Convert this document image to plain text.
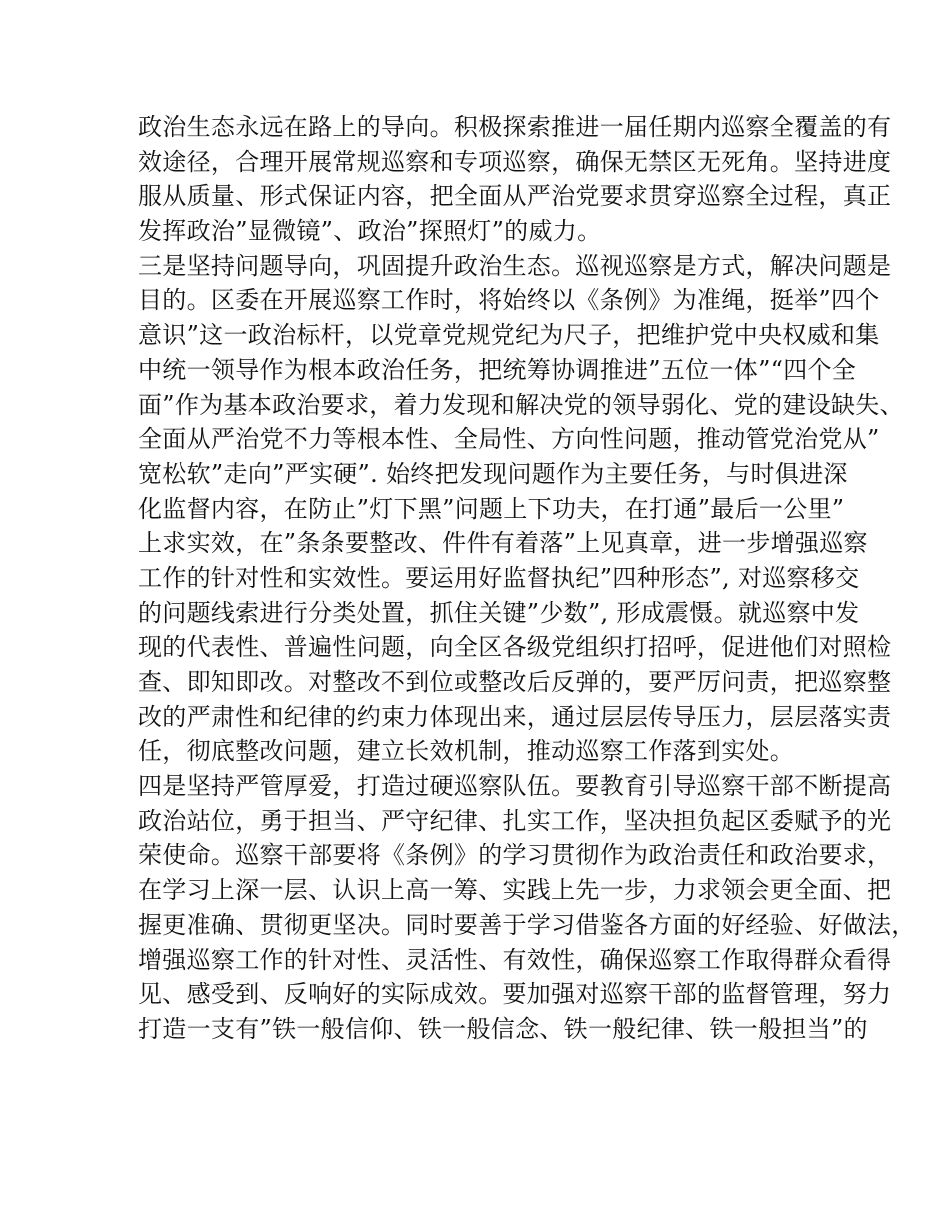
政治生态永远在路上的导向。积极探索推进一届任期内巡察全覆盖的有
效途径，合理开展常规巡察和专项巡察，确保无禁区无死角。坚持进度
服从质量、形式保证内容，把全面从严治党要求贯穿巡察全过程，真正
发挥政治”显微镜”、政治”探照灯”的威力。
三是坚持问题导向，巩固提升政治生态。巡视巡察是方式，解决问题是
目的。区委在开展巡察工作时，将始终以《条例》为准绳，挺举”四个
意识”这一政治标杆，以党章党规党纪为尺子，把维护党中央权威和集
中统一领导作为根本政治任务，把统筹协调推进”五位一体”“四个全
面”作为基本政治要求，着力发现和解决党的领导弱化、党的建设缺失、
全面从严治党不力等根本性、全局性、方向性问题，推动管党治党从”
宽松软”走向”严实硬”. 始终把发现问题作为主要任务，与时俱进深
化监督内容，在防止”灯下黑”问题上下功夫，在打通”最后一公里”
上求实效，在”条条要整改、件件有着落”上见真章，进一步增强巡察
工作的针对性和实效性。要运用好监督执纪”四种形态”, 对巡察移交
的问题线索进行分类处置，抓住关键”少数”, 形成震慑。就巡察中发
现的代表性、普遍性问题，向全区各级党组织打招呼，促进他们对照检
查、即知即改。对整改不到位或整改后反弹的，要严厉问责，把巡察整
改的严肃性和纪律的约束力体现出来，通过层层传导压力，层层落实责
任，彻底整改问题，建立长效机制，推动巡察工作落到实处。
四是坚持严管厚爱，打造过硬巡察队伍。要教育引导巡察干部不断提高
政治站位，勇于担当、严守纪律、扎实工作，坚决担负起区委赋予的光
荣使命。巡察干部要将《条例》的学习贯彻作为政治责任和政治要求，
在学习上深一层、认识上高一筹、实践上先一步，力求领会更全面、把
握更准确、贯彻更坚决。同时要善于学习借鉴各方面的好经验、好做法，
增强巡察工作的针对性、灵活性、有效性，确保巡察工作取得群众看得
见、感受到、反响好的实际成效。要加强对巡察干部的监督管理，努力
打造一支有”铁一般信仰、铁一般信念、铁一般纪律、铁一般担当”的
